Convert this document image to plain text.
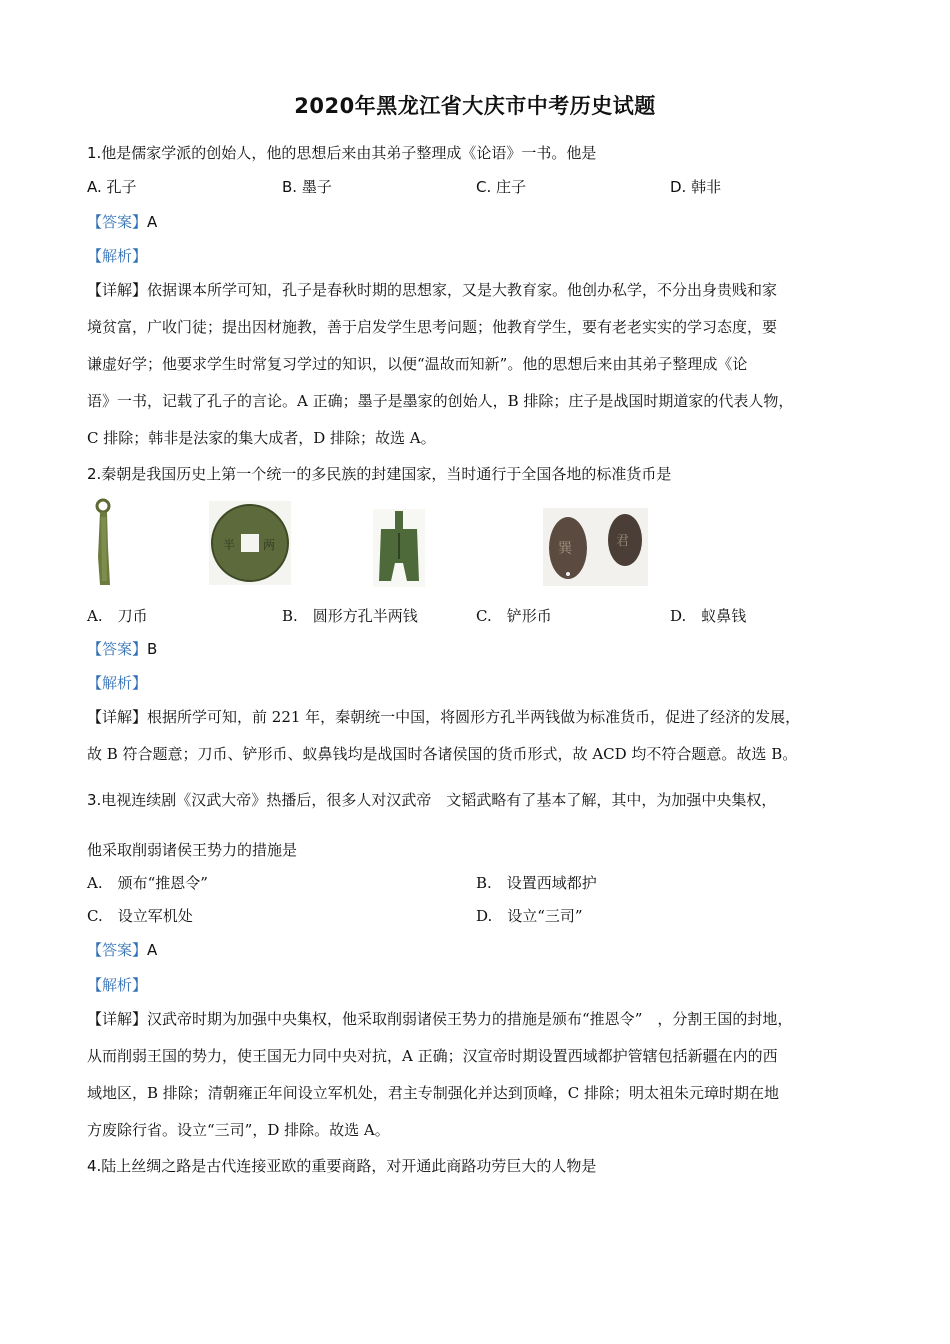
2020年黑龙江省大庆市中考历史试题
1.他是儒家学派的创始人，他的思想后来由其弟子整理成《论语》一书。他是
A. 孔子	B. 墨子	C. 庄子	D. 韩非
【答案】A
【解析】
【详解】依据课本所学可知，孔子是春秋时期的思想家，又是大教育家。他创办私学，不分出身贵贱和家
境贫富，广收门徒；提出因材施教，善于启发学生思考问题；他教育学生，要有老老实实的学习态度，要
谦虚好学；他要求学生时常复习学过的知识，以便“温故而知新”。他的思想后来由其弟子整理成《论
语》一书，记载了孔子的言论。A 正确；墨子是墨家的创始人，B 排除；庄子是战国时期道家的代表人物，
C 排除；韩非是法家的集大成者，D 排除；故选 A。
2.秦朝是我国历史上第一个统一的多民族的封建国家，当时通行于全国各地的标准货币是
半 两	巽	君
A.　刀币	B.　圆形方孔半两钱	C.　铲形币	D.　蚁鼻钱
【答案】B
【解析】
【详解】根据所学可知，前 221 年，秦朝统一中国，将圆形方孔半两钱做为标准货币，促进了经济的发展，
故 B 符合题意；刀币、铲形币、蚁鼻钱均是战国时各诸侯国的货币形式，故 ACD 均不符合题意。故选 B。
3.电视连续剧《汉武大帝》热播后，很多人对汉武帝　文韬武略有了基本了解，其中，为加强中央集权，
他采取削弱诸侯王势力的措施是
A.　颁布“推恩令”	B.　设置西域都护
C.　设立军机处	D.　设立“三司”
【答案】A
【解析】
【详解】汉武帝时期为加强中央集权，他采取削弱诸侯王势力的措施是颁布“推恩令”　，分割王国的封地，
从而削弱王国的势力，使王国无力同中央对抗，A 正确；汉宣帝时期设置西域都护管辖包括新疆在内的西
域地区，B 排除；清朝雍正年间设立军机处，君主专制强化并达到顶峰，C 排除；明太祖朱元璋时期在地
方废除行省。设立“三司”，D 排除。故选 A。
4.陆上丝绸之路是古代连接亚欧的重要商路，对开通此商路功劳巨大的人物是
